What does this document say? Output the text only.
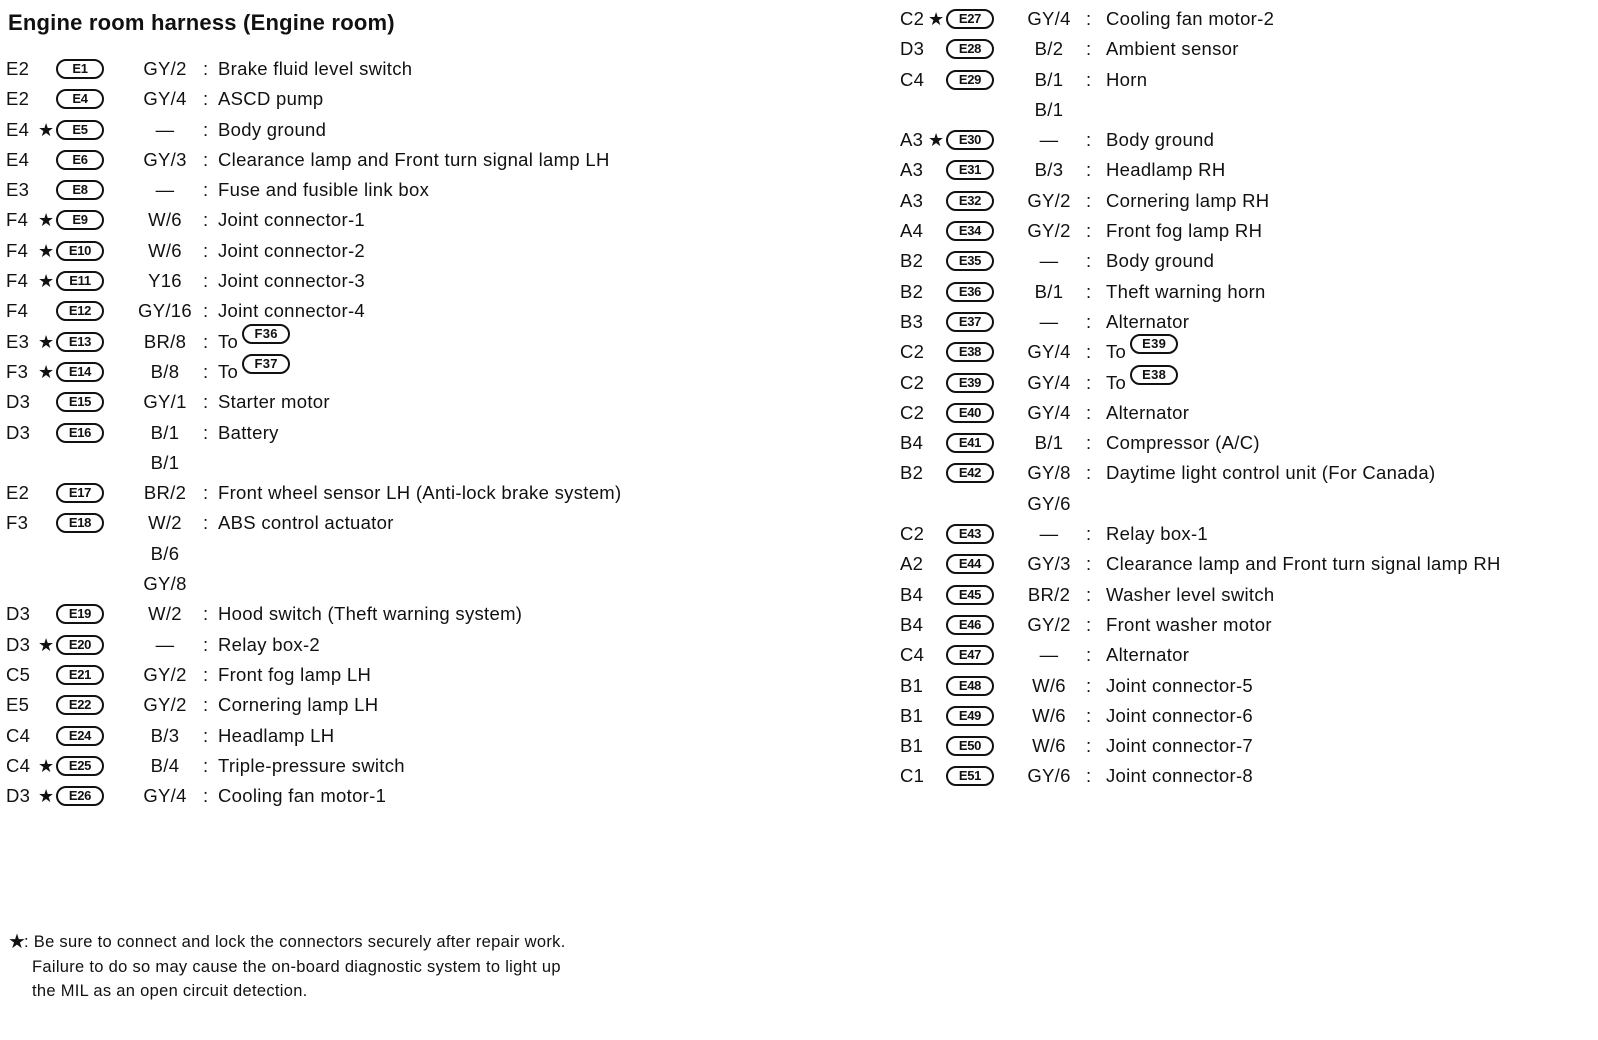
Engine room harness (Engine room)
E2	E1	GY/2 : Brake fluid level switch
E2	E4	GY/4 : ASCD pump
E4 ★	E5	—	: Body ground
E4	E6	GY/3 : Clearance lamp and Front turn signal lamp LH
E3	E8	—	: Fuse and fusible link box
F4 ★	E9	W/6	: Joint connector-1
F4 ★	E10	W/6	: Joint connector-2
F4 ★	E11	Y16	: Joint connector-3
F4	E12	GY/16 : Joint connector-4
E3 ★	E13	BR/8 : To	F36
F3 ★	E14	B/8	: To	F37
D3	E15	GY/1 : Starter motor
D3	E16	B/1	: Battery
B/1
E2	E17	BR/2 : Front wheel sensor LH (Anti-lock brake system)
F3	E18	W/2	: ABS control actuator
B/6
GY/8
D3	E19	W/2	: Hood switch (Theft warning system)
D3 ★	E20	—	: Relay box-2
C5	E21	GY/2 : Front fog lamp LH
E5	E22	GY/2 : Cornering lamp LH
C4	E24	B/3	: Headlamp LH
C4 ★	E25	B/4	: Triple-pressure switch
D3 ★	E26	GY/4 : Cooling fan motor-1
C2 ★	E27	GY/4 : Cooling fan motor-2
D3	E28	B/2	: Ambient sensor
C4	E29	B/1	: Horn
B/1
A3 ★	E30	—	: Body ground
A3	E31	B/3	: Headlamp RH
A3	E32	GY/2 : Cornering lamp RH
A4	E34	GY/2 : Front fog lamp RH
B2	E35	—	: Body ground
B2	E36	B/1	: Theft warning horn
B3	E37	—	: Alternator
C2	E38	GY/4 : To	E39
C2	E39	GY/4 : To	E38
C2	E40	GY/4 : Alternator
B4	E41	B/1	: Compressor (A/C)
B2	E42	GY/8 : Daytime light control unit (For Canada)
GY/6
C2	E43	—	: Relay box-1
A2	E44	GY/3 : Clearance lamp and Front turn signal lamp RH
B4	E45	BR/2 : Washer level switch
B4	E46	GY/2 : Front washer motor
C4	E47	—	: Alternator
B1	E48	W/6	: Joint connector-5
B1	E49	W/6	: Joint connector-6
B1	E50	W/6	: Joint connector-7
C1	E51	GY/6 : Joint connector-8
★
: Be sure to connect and lock the connectors securely after repair work.
Failure to do so may cause the on-board diagnostic system to light up
the MIL as an open circuit detection.
